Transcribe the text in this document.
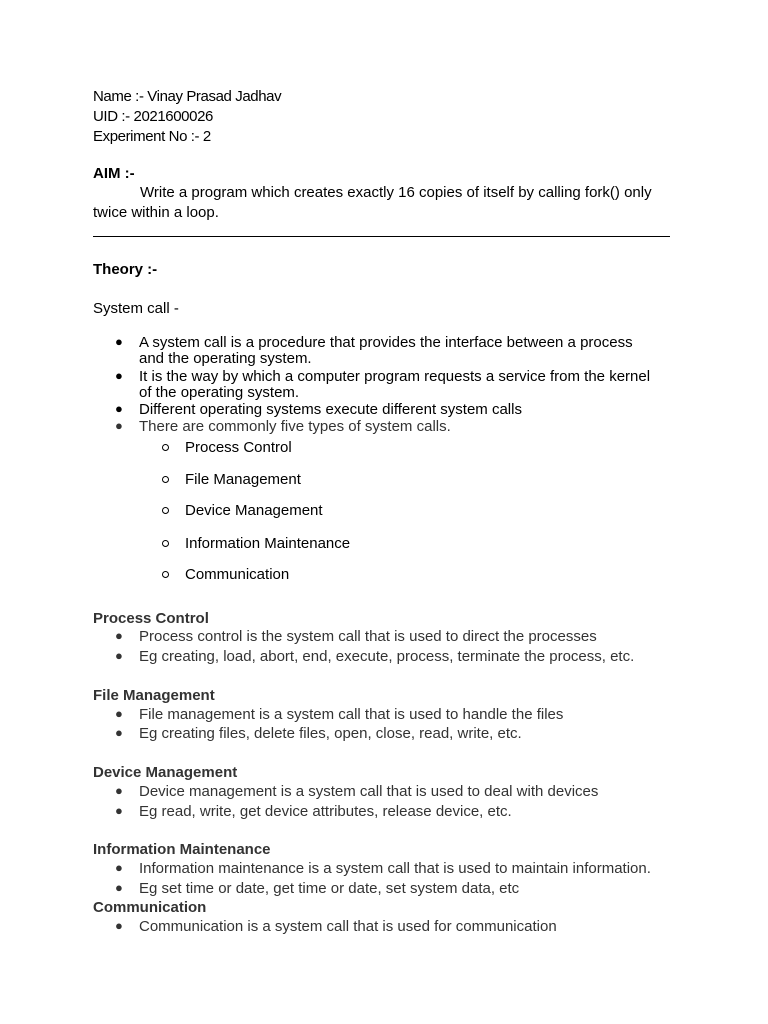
Name :- Vinay Prasad Jadhav
UID :- 2021600026
Experiment No :- 2
AIM :-
Write a program which creates exactly 16 copies of itself by calling fork() only
twice within a loop.
Theory :-
System call -
● A system call is a procedure that provides the interface between a process
and the operating system.
● It is the way by which a computer program requests a service from the kernel
of the operating system.
● Different operating systems execute different system calls
● There are commonly five types of system calls.
Process Control
File Management
Device Management
Information Maintenance
Communication
Process Control
● Process control is the system call that is used to direct the processes
● Eg creating, load, abort, end, execute, process, terminate the process, etc.
File Management
● File management is a system call that is used to handle the files
● Eg creating files, delete files, open, close, read, write, etc.
Device Management
● Device management is a system call that is used to deal with devices
● Eg read, write, get device attributes, release device, etc.
Information Maintenance
● Information maintenance is a system call that is used to maintain information.
● Eg set time or date, get time or date, set system data, etc
Communication
● Communication is a system call that is used for communication
